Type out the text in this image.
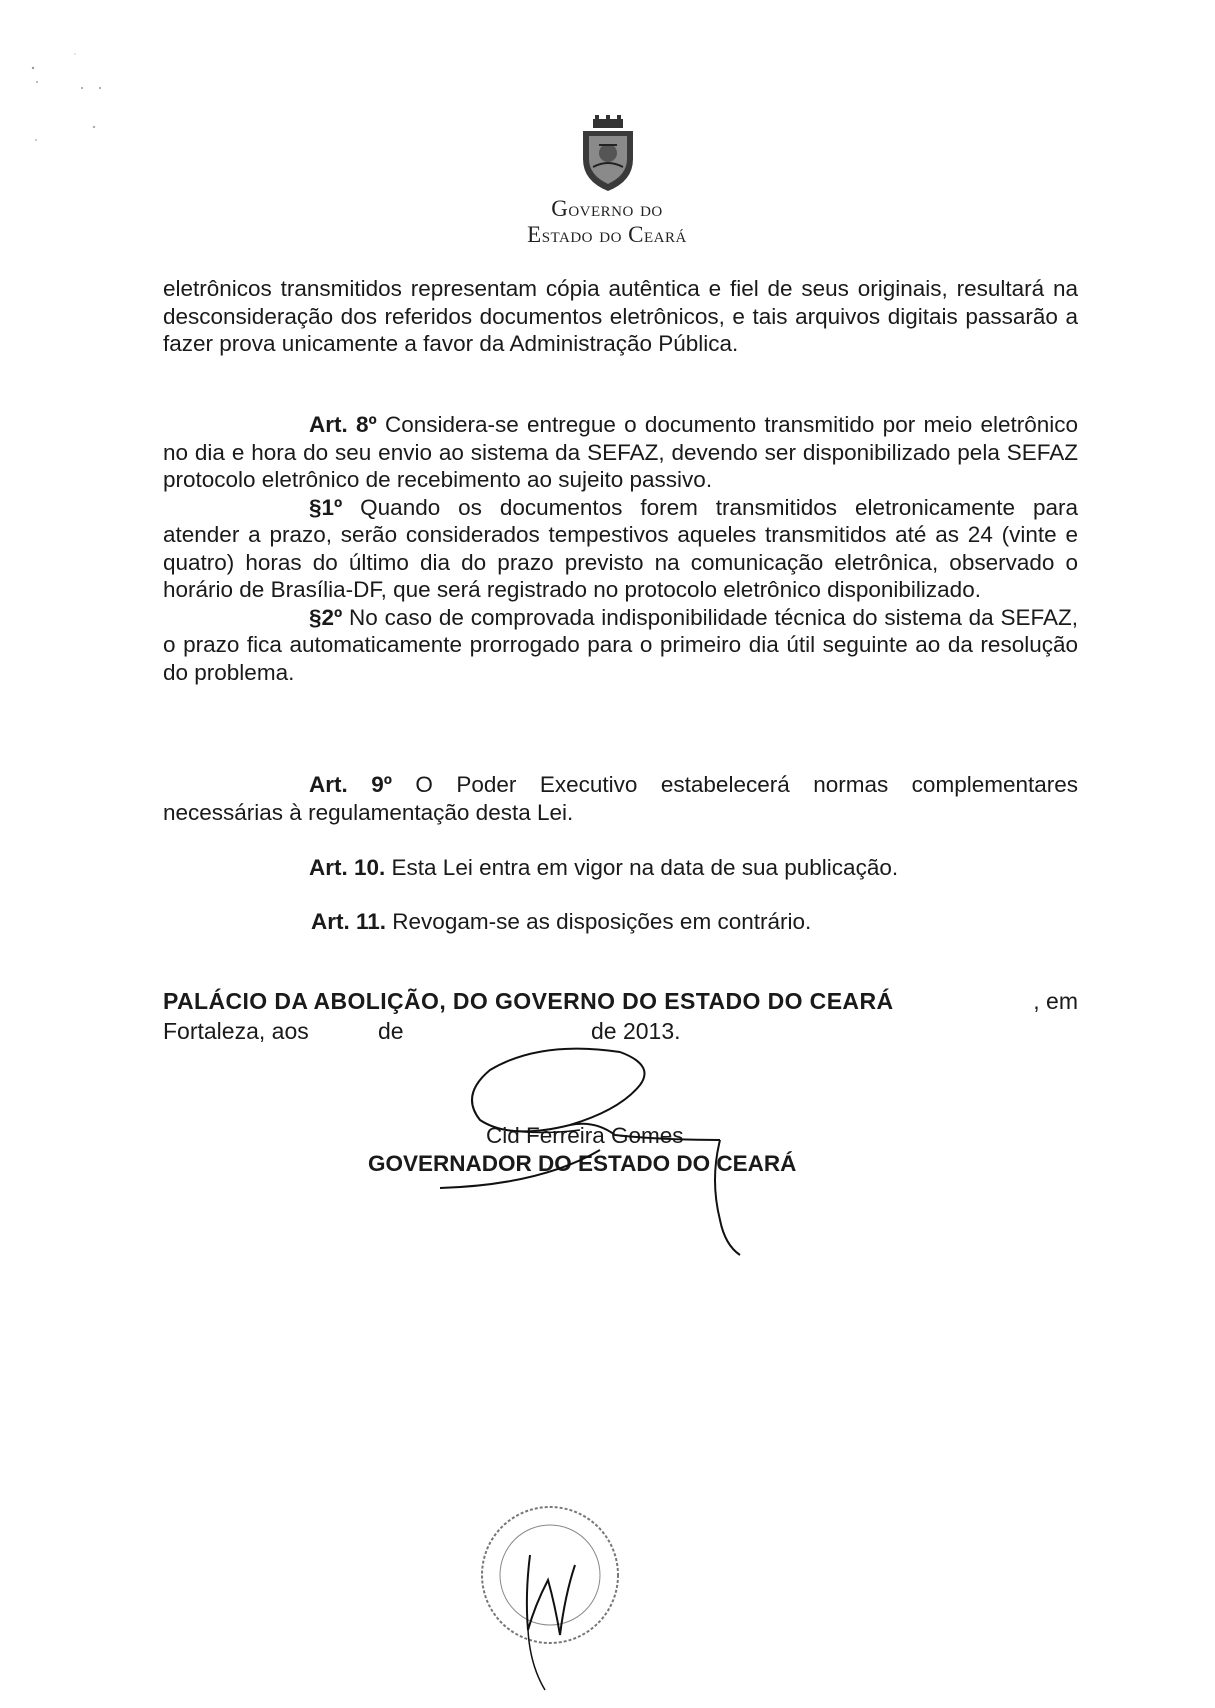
GOVERNO DO
ESTADO DO CEARÁ

eletrônicos transmitidos representam cópia autêntica e fiel de seus originais, resultará na desconsideração dos referidos documentos eletrônicos, e tais arquivos digitais passarão a fazer prova unicamente a favor da Administração Pública.

Art. 8º Considera-se entregue o documento transmitido por meio eletrônico no dia e hora do seu envio ao sistema da SEFAZ, devendo ser disponibilizado pela SEFAZ protocolo eletrônico de recebimento ao sujeito passivo.

§1º Quando os documentos forem transmitidos eletronicamente para atender a prazo, serão considerados tempestivos aqueles transmitidos até as 24 (vinte e quatro) horas do último dia do prazo previsto na comunicação eletrônica, observado o horário de Brasília-DF, que será registrado no protocolo eletrônico disponibilizado.

§2º No caso de comprovada indisponibilidade técnica do sistema da SEFAZ, o prazo fica automaticamente prorrogado para o primeiro dia útil seguinte ao da resolução do problema.

Art. 9º O Poder Executivo estabelecerá normas complementares necessárias à regulamentação desta Lei.

Art. 10. Esta Lei entra em vigor na data de sua publicação.
Art. 11. Revogam-se as disposições em contrário.
PALÁCIO DA ABOLIÇÃO, DO GOVERNO DO ESTADO DO CEARÁ	, em
Fortaleza, aos	de	de 2013.
Cid Ferreira Gomes
GOVERNADOR DO ESTADO DO CEARÁ
